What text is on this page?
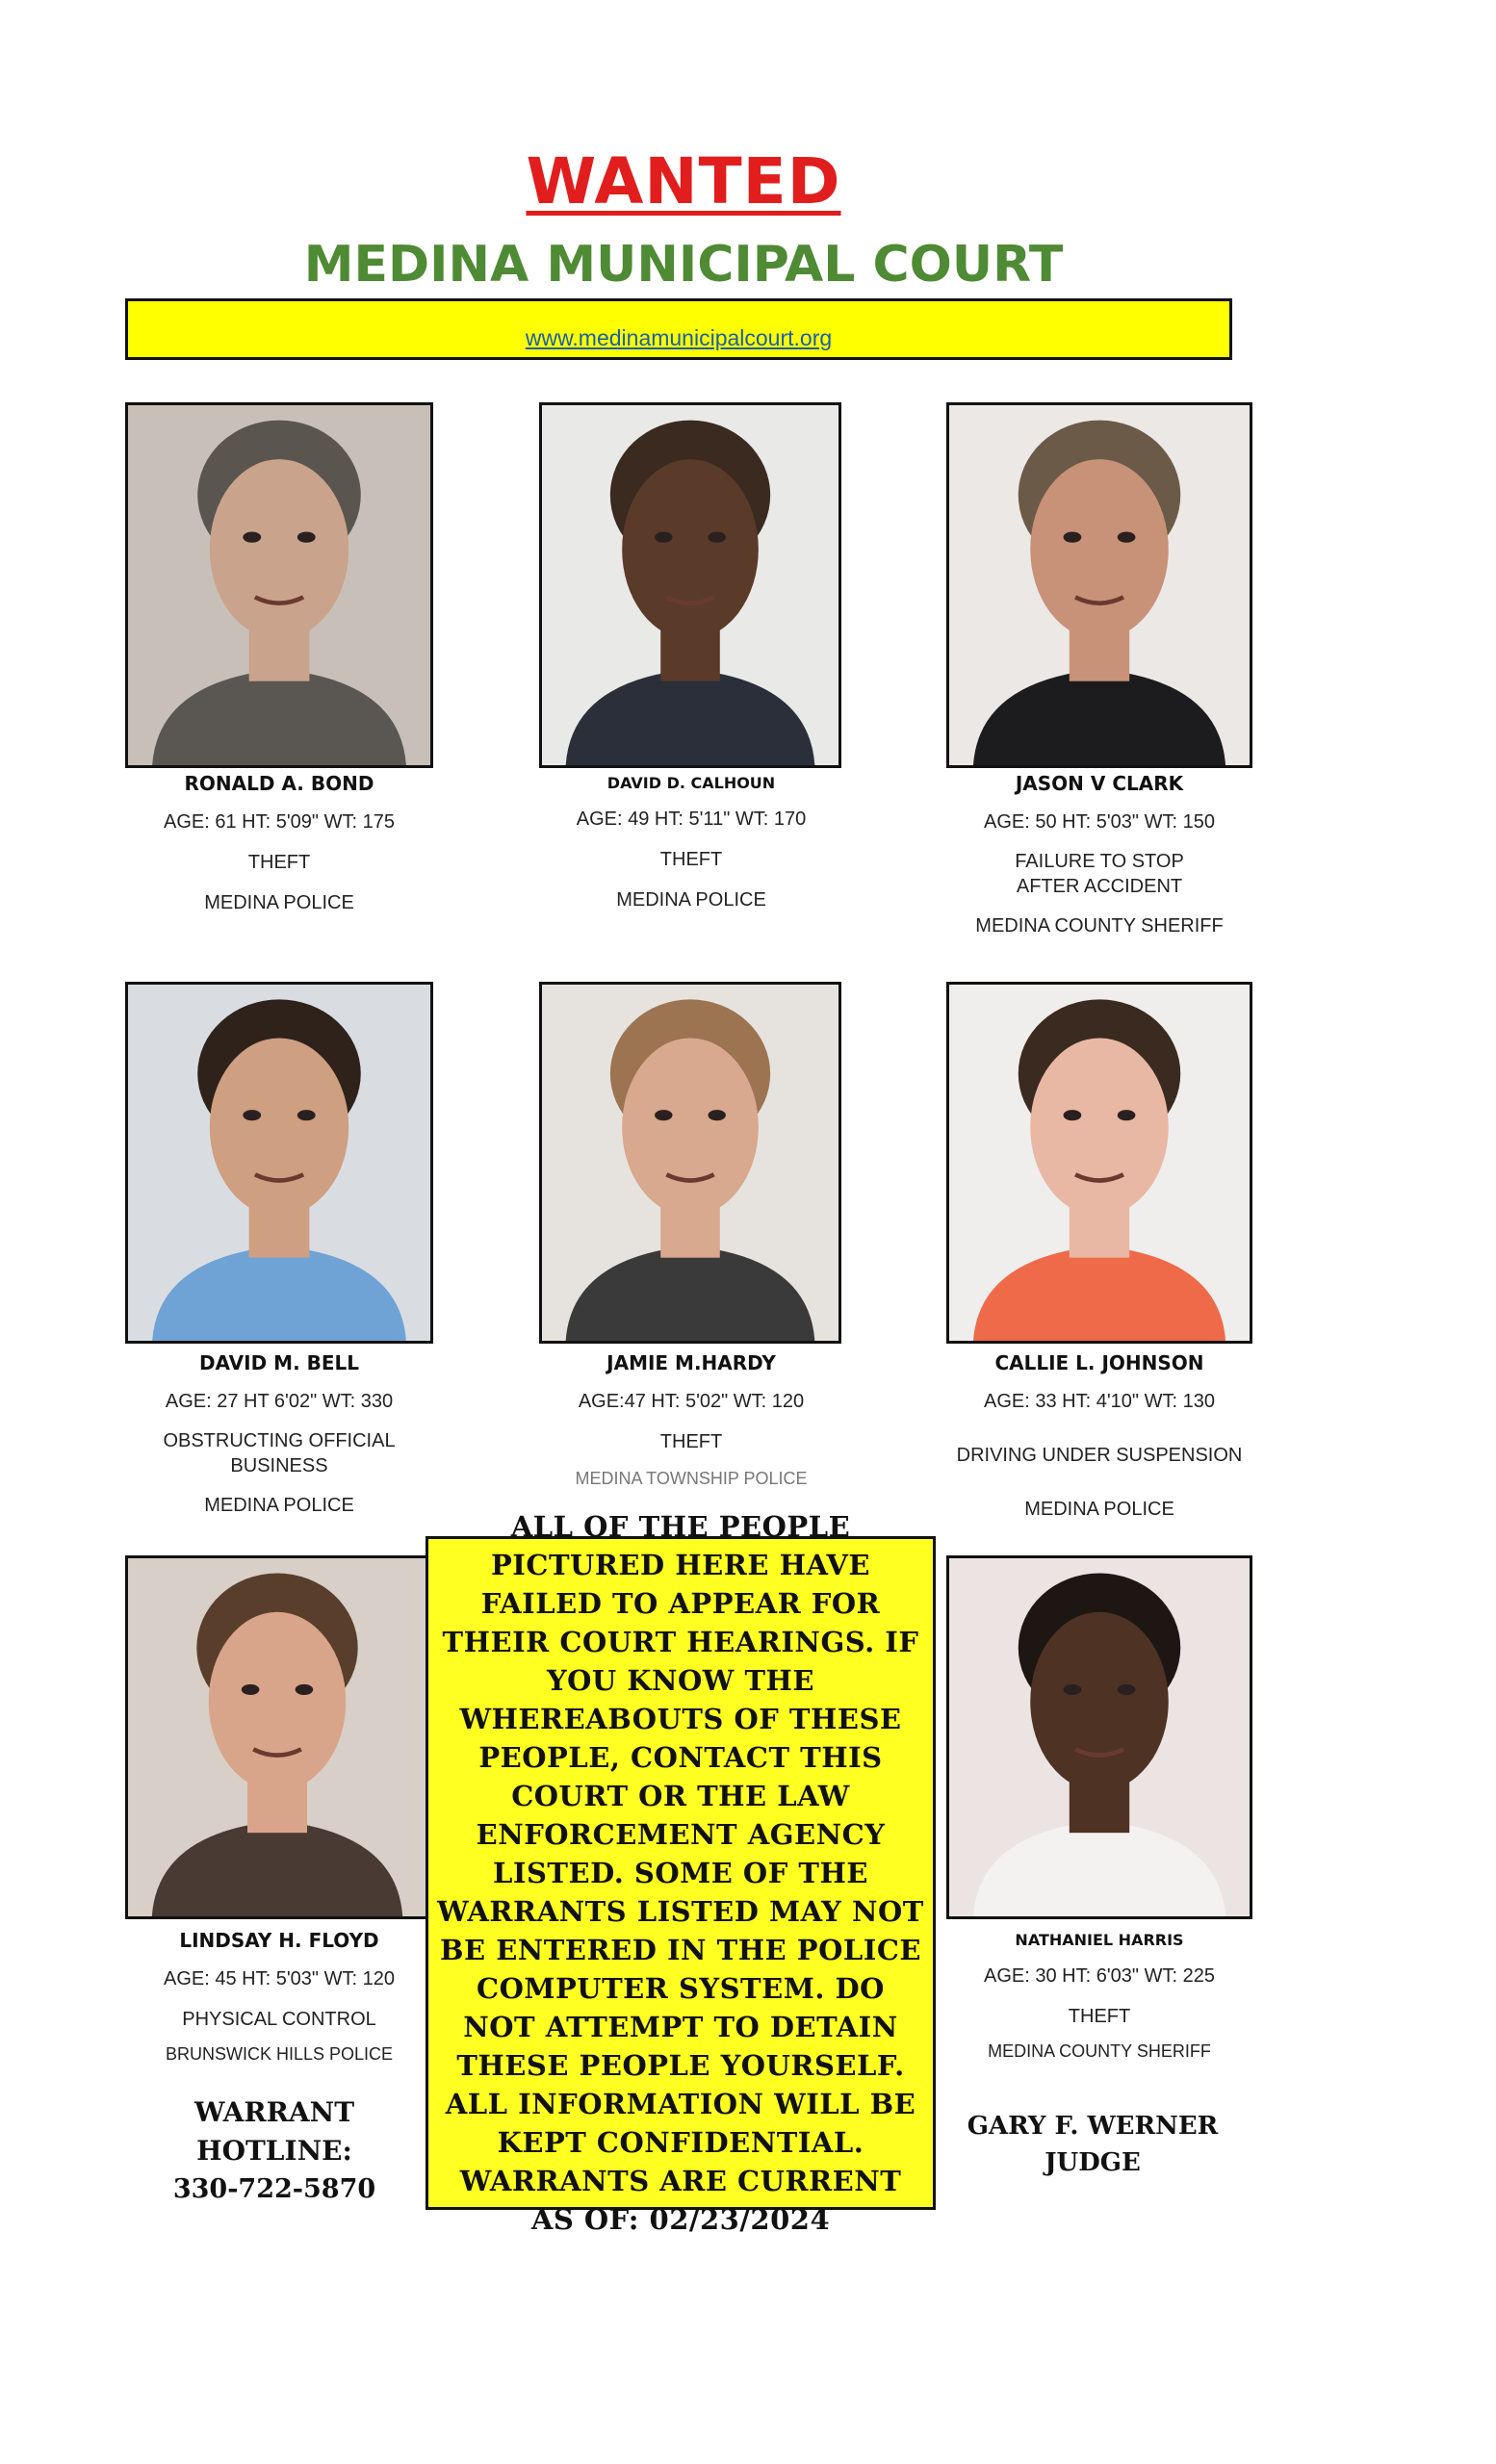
WANTED
MEDINA MUNICIPAL COURT
www.medinamunicipalcourt.org
RONALD A. BOND
AGE: 61 HT: 5'09" WT: 175
THEFT
MEDINA POLICE
DAVID D. CALHOUN
AGE: 49 HT: 5'11" WT: 170
THEFT
MEDINA POLICE
JASON V CLARK
AGE: 50 HT: 5'03" WT: 150
FAILURE TO STOP AFTER ACCIDENT
MEDINA COUNTY SHERIFF
DAVID M. BELL
AGE: 27 HT 6'02" WT: 330
OBSTRUCTING OFFICIAL BUSINESS
MEDINA POLICE
JAMIE M.HARDY
AGE:47 HT: 5'02" WT: 120
THEFT
MEDINA TOWNSHIP POLICE
CALLIE L. JOHNSON
AGE: 33 HT: 4'10" WT: 130
DRIVING UNDER SUSPENSION
MEDINA POLICE

ALL OF THE PEOPLE PICTURED HERE HAVE FAILED TO APPEAR FOR THEIR COURT HEARINGS. IF YOU KNOW THE WHEREABOUTS OF THESE PEOPLE, CONTACT THIS COURT OR THE LAW ENFORCEMENT AGENCY LISTED. SOME OF THE WARRANTS LISTED MAY NOT BE ENTERED IN THE POLICE COMPUTER SYSTEM. DO NOT ATTEMPT TO DETAIN THESE PEOPLE YOURSELF. ALL INFORMATION WILL BE KEPT CONFIDENTIAL. WARRANTS ARE CURRENT AS OF: 02/23/2024

LINDSAY H. FLOYD
AGE: 45 HT: 5'03" WT: 120
PHYSICAL CONTROL
BRUNSWICK HILLS POLICE
NATHANIEL HARRIS
AGE: 30 HT: 6'03" WT: 225
THEFT
MEDINA COUNTY SHERIFF
WARRANT
HOTLINE:
330-722-5870
GARY F. WERNER
JUDGE
